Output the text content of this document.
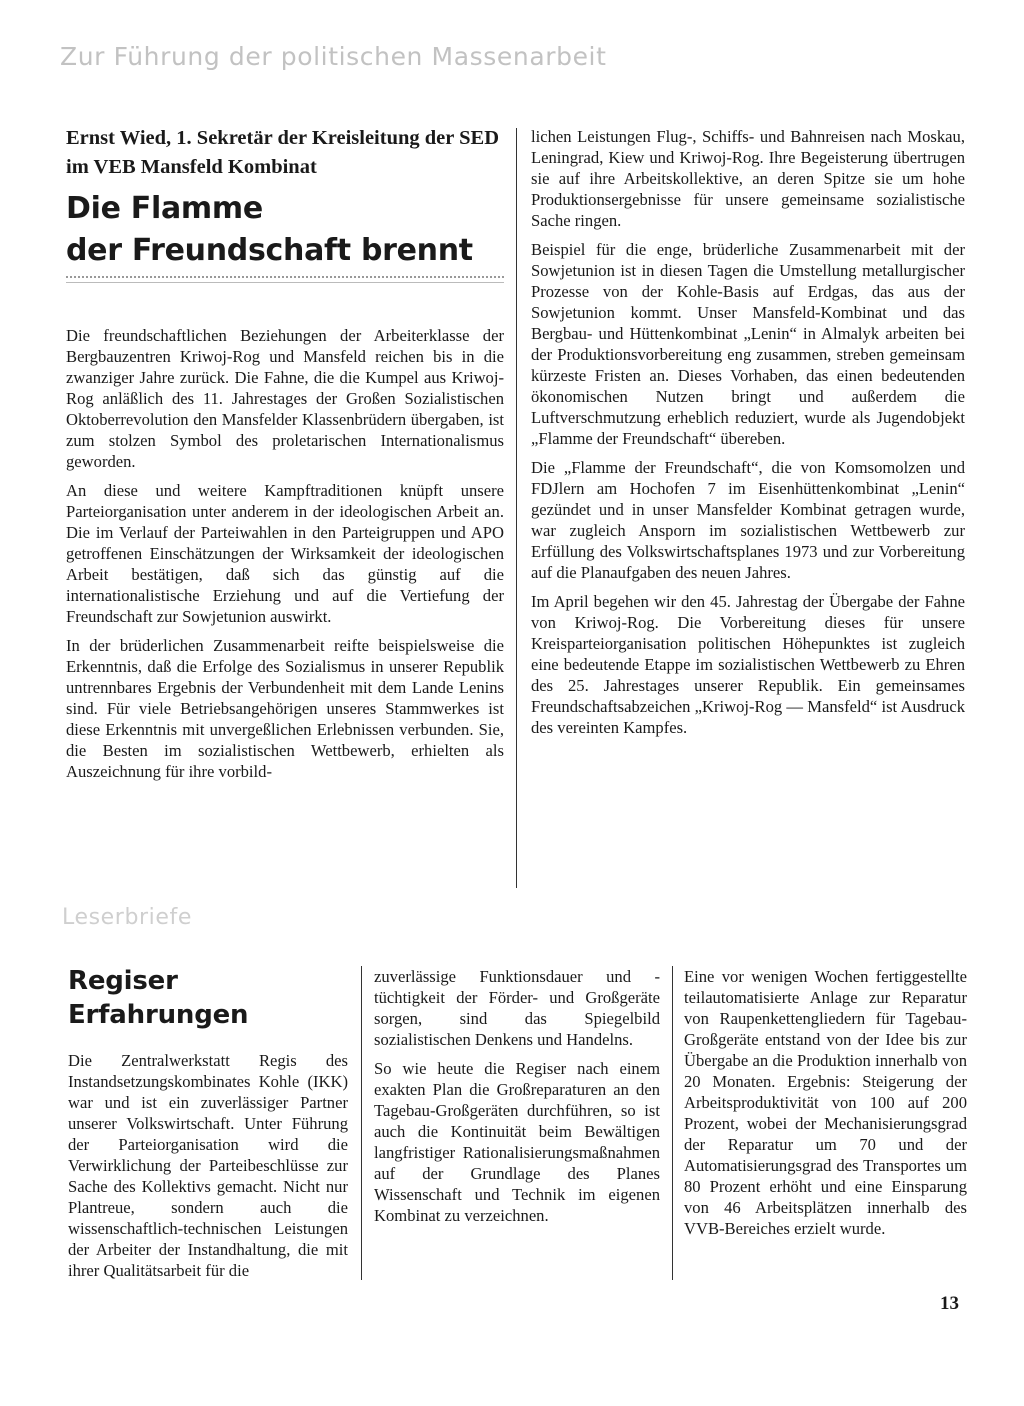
Zur Führung der politischen Massenarbeit
Ernst Wied, 1. Sekretär der Kreisleitung der SED im VEB Mansfeld Kombinat
Die Flamme
der Freundschaft brennt

Die freundschaftlichen Beziehungen der Arbeiterklasse der Bergbauzentren Kriwoj-Rog und Mansfeld reichen bis in die zwanziger Jahre zurück. Die Fahne, die die Kumpel aus Kriwoj-Rog anläßlich des 11. Jahrestages der Großen Sozialistischen Oktoberrevolution den Mansfelder Klassenbrüdern übergaben, ist zum stolzen Symbol des proletarischen Internationalismus geworden.

An diese und weitere Kampftraditionen knüpft unsere Parteiorganisation unter anderem in der ideologischen Arbeit an. Die im Verlauf der Parteiwahlen in den Parteigruppen und APO getroffenen Einschätzungen der Wirksamkeit der ideologischen Arbeit bestätigen, daß sich das günstig auf die internationalistische Erziehung und auf die Vertiefung der Freundschaft zur Sowjetunion auswirkt.

In der brüderlichen Zusammenarbeit reifte beispielsweise die Erkenntnis, daß die Erfolge des Sozialismus in unserer Republik untrennbares Ergebnis der Verbundenheit mit dem Lande Lenins sind. Für viele Betriebsangehörigen unseres Stammwerkes ist diese Erkenntnis mit unvergeßlichen Erlebnissen verbunden. Sie, die Besten im sozialistischen Wettbewerb, erhielten als Auszeichnung für ihre vorbild-

lichen Leistungen Flug-, Schiffs- und Bahnreisen nach Moskau, Leningrad, Kiew und Kriwoj-Rog. Ihre Begeisterung übertrugen sie auf ihre Arbeitskollektive, an deren Spitze sie um hohe Produktionsergebnisse für unsere gemeinsame sozialistische Sache ringen.

Beispiel für die enge, brüderliche Zusammenarbeit mit der Sowjetunion ist in diesen Tagen die Umstellung metallurgischer Prozesse von der Kohle-Basis auf Erdgas, das aus der Sowjetunion kommt. Unser Mansfeld-Kombinat und das Bergbau- und Hüttenkombinat „Lenin“ in Almalyk arbeiten bei der Produktionsvorbereitung eng zusammen, streben gemeinsam kürzeste Fristen an. Dieses Vorhaben, das einen bedeutenden ökonomischen Nutzen bringt und außerdem die Luftverschmutzung erheblich reduziert, wurde als Jugendobjekt „Flamme der Freundschaft“ übereben.

Die „Flamme der Freundschaft“, die von Komsomolzen und FDJlern am Hochofen 7 im Eisenhüttenkombinat „Lenin“ gezündet und in unser Mansfelder Kombinat getragen wurde, war zugleich Ansporn im sozialistischen Wettbewerb zur Erfüllung des Volkswirtschaftsplanes 1973 und zur Vorbereitung auf die Planaufgaben des neuen Jahres.

Im April begehen wir den 45. Jahrestag der Übergabe der Fahne von Kriwoj-Rog. Die Vorbereitung dieses für unsere Kreisparteiorganisation politischen Höhepunktes ist zugleich eine bedeutende Etappe im sozialistischen Wettbewerb zu Ehren des 25. Jahrestages unserer Republik. Ein gemeinsames Freundschaftsabzeichen „Kriwoj-Rog — Mansfeld“ ist Ausdruck des vereinten Kampfes.

Leserbriefe
Regiser Erfahrungen
Die Zentralwerkstatt Regis des Instandsetzungskombinates Kohle (IKK) war und ist ein zuverlässiger Partner unserer Volkswirtschaft. Unter Führung der Parteiorganisation wird die Verwirklichung der Parteibeschlüsse zur Sache des Kollektivs gemacht. Nicht nur Plantreue, sondern auch die wissenschaftlich-technischen Leistungen der Arbeiter der Instandhaltung, die mit ihrer Qualitätsarbeit für die

zuverlässige Funktionsdauer und -tüchtigkeit der Förder- und Großgeräte sorgen, sind das Spiegelbild sozialistischen Denkens und Handelns.

So wie heute die Regiser nach einem exakten Plan die Großreparaturen an den Tagebau-Großgeräten durchführen, so ist auch die Kontinuität beim Bewältigen langfristiger Rationalisierungsmaßnahmen auf der Grundlage des Planes Wissenschaft und Technik im eigenen Kombinat zu verzeichnen.

Eine vor wenigen Wochen fertiggestellte teilautomatisierte Anlage zur Reparatur von Raupenkettengliedern für Tagebau-Großgeräte entstand von der Idee bis zur Übergabe an die Produktion innerhalb von 20 Monaten. Ergebnis: Steigerung der Arbeitsproduktivität von 100 auf 200 Prozent, wobei der Mechanisierungsgrad der Reparatur um 70 und der Automatisierungsgrad des Transportes um 80 Prozent erhöht und eine Einsparung von 46 Arbeitsplätzen innerhalb des VVB-Bereiches erzielt wurde.
13
